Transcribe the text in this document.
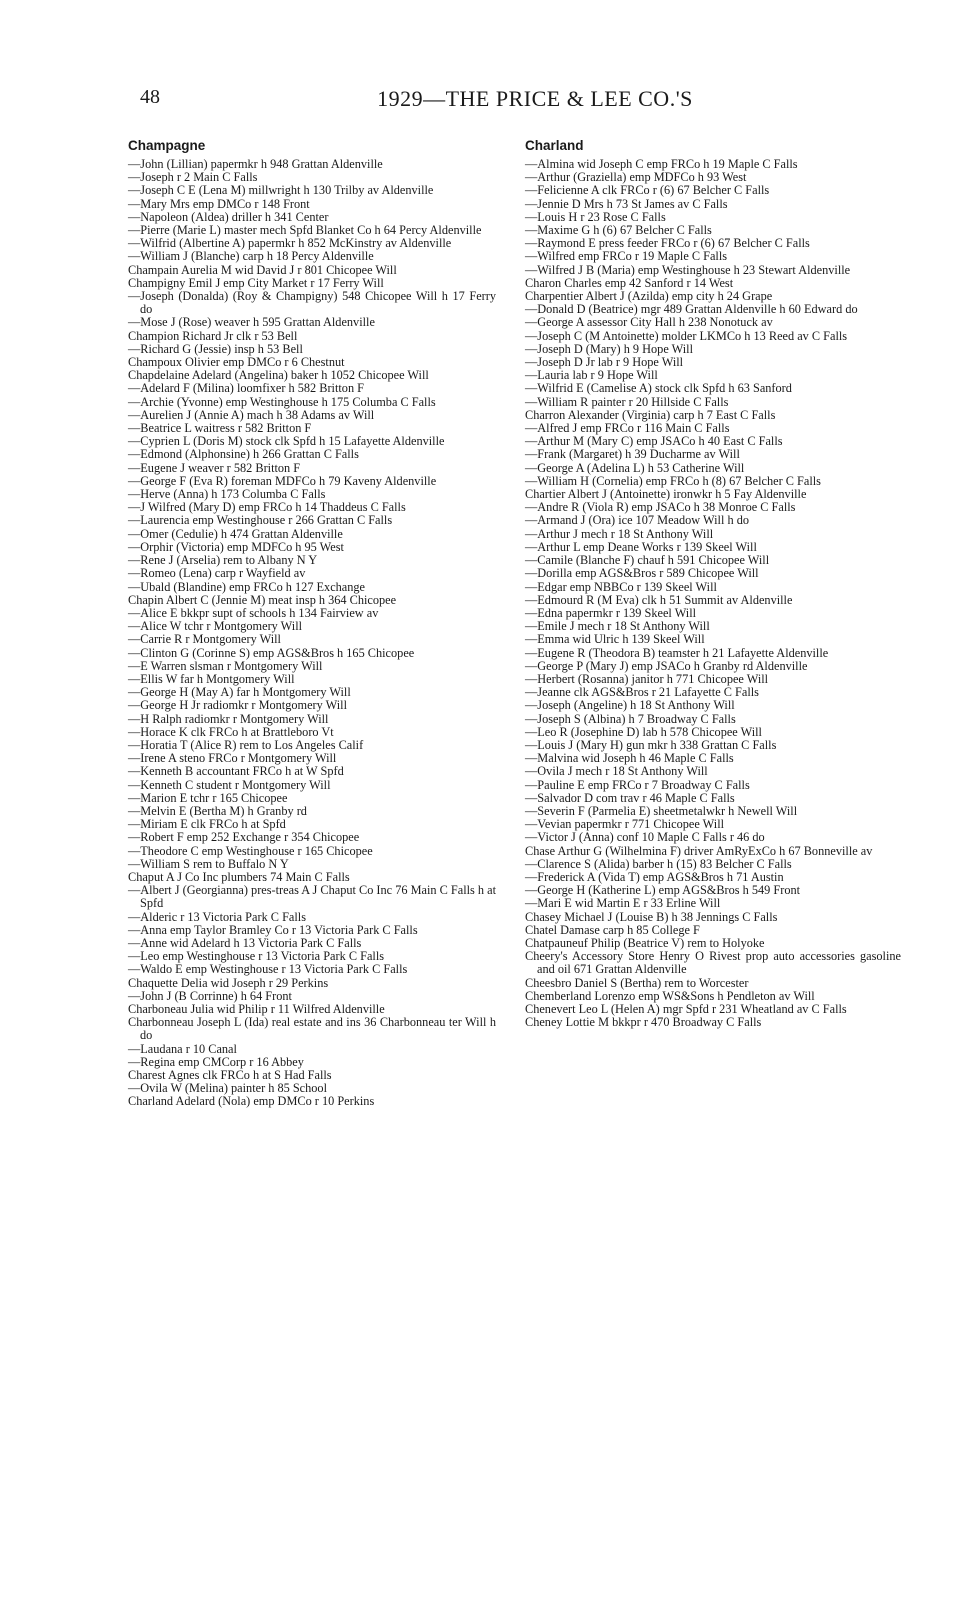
48	1929—THE PRICE & LEE CO.'S
Champagne
—John (Lillian) papermkr h 948 Grattan Aldenville
—Joseph r 2 Main C Falls
—Joseph C E (Lena M) millwright h 130 Trilby av Aldenville
—Mary Mrs emp DMCo r 148 Front
—Napoleon (Aldea) driller h 341 Center
—Pierre (Marie L) master mech Spfd Blanket Co h 64 Percy Aldenville
—Wilfrid (Albertine A) papermkr h 852 McKinstry av Aldenville
—William J (Blanche) carp h 18 Percy Aldenville
Champain Aurelia M wid David J r 801 Chicopee Will
Champigny Emil J emp City Market r 17 Ferry Will
—Joseph (Donalda) (Roy & Champigny) 548 Chicopee Will h 17 Ferry do
—Mose J (Rose) weaver h 595 Grattan Aldenville
Champion Richard Jr clk r 53 Bell
—Richard G (Jessie) insp h 53 Bell
Champoux Olivier emp DMCo r 6 Chestnut
Chapdelaine Adelard (Angelina) baker h 1052 Chicopee Will
—Adelard F (Milina) loomfixer h 582 Britton F
—Archie (Yvonne) emp Westinghouse h 175 Columba C Falls
—Aurelien J (Annie A) mach h 38 Adams av Will
—Beatrice L waitress r 582 Britton F
—Cyprien L (Doris M) stock clk Spfd h 15 Lafayette Aldenville
—Edmond (Alphonsine) h 266 Grattan C Falls
—Eugene J weaver r 582 Britton F
—George F (Eva R) foreman MDFCo h 79 Kaveny Aldenville
—Herve (Anna) h 173 Columba C Falls
—J Wilfred (Mary D) emp FRCo h 14 Thaddeus C Falls
—Laurencia emp Westinghouse r 266 Grattan C Falls
—Omer (Cedulie) h 474 Grattan Aldenville
—Orphir (Victoria) emp MDFCo h 95 West
—Rene J (Arselia) rem to Albany N Y
—Romeo (Lena) carp r Wayfield av
—Ubald (Blandine) emp FRCo h 127 Exchange
Chapin Albert C (Jennie M) meat insp h 364 Chicopee
—Alice E bkkpr supt of schools h 134 Fairview av
—Alice W tchr r Montgomery Will
—Carrie R r Montgomery Will
—Clinton G (Corinne S) emp AGS&Bros h 165 Chicopee
—E Warren slsman r Montgomery Will
—Ellis W far h Montgomery Will
—George H (May A) far h Montgomery Will
—George H Jr radiomkr r Montgomery Will
—H Ralph radiomkr r Montgomery Will
—Horace K clk FRCo h at Brattleboro Vt
—Horatia T (Alice R) rem to Los Angeles Calif
—Irene A steno FRCo r Montgomery Will
—Kenneth B accountant FRCo h at W Spfd
—Kenneth C student r Montgomery Will
—Marion E tchr r 165 Chicopee
—Melvin E (Bertha M) h Granby rd
—Miriam E clk FRCo h at Spfd
—Robert F emp 252 Exchange r 354 Chicopee
—Theodore C emp Westinghouse r 165 Chicopee
—William S rem to Buffalo N Y
Chaput A J Co Inc plumbers 74 Main C Falls
—Albert J (Georgianna) pres-treas A J Chaput Co Inc 76 Main C Falls h at Spfd
—Alderic r 13 Victoria Park C Falls
—Anna emp Taylor Bramley Co r 13 Victoria Park C Falls
—Anne wid Adelard h 13 Victoria Park C Falls
—Leo emp Westinghouse r 13 Victoria Park C Falls
—Waldo E emp Westinghouse r 13 Victoria Park C Falls
Chaquette Delia wid Joseph r 29 Perkins
—John J (B Corrinne) h 64 Front
Charboneau Julia wid Philip r 11 Wilfred Aldenville
Charbonneau Joseph L (Ida) real estate and ins 36 Charbonneau ter Will h do
—Laudana r 10 Canal
—Regina emp CMCorp r 16 Abbey
Charest Agnes clk FRCo h at S Had Falls
—Ovila W (Melina) painter h 85 School
Charland Adelard (Nola) emp DMCo r 10 Perkins
Charland
—Almina wid Joseph C emp FRCo h 19 Maple C Falls
—Arthur (Graziella) emp MDFCo h 93 West
—Felicienne A clk FRCo r (6) 67 Belcher C Falls
—Jennie D Mrs h 73 St James av C Falls
—Louis H r 23 Rose C Falls
—Maxime G h (6) 67 Belcher C Falls
—Raymond E press feeder FRCo r (6) 67 Belcher C Falls
—Wilfred emp FRCo r 19 Maple C Falls
—Wilfred J B (Maria) emp Westinghouse h 23 Stewart Aldenville
Charon Charles emp 42 Sanford r 14 West
Charpentier Albert J (Azilda) emp city h 24 Grape
—Donald D (Beatrice) mgr 489 Grattan Aldenville h 60 Edward do
—George A assessor City Hall h 238 Nonotuck av
—Joseph C (M Antoinette) molder LKMCo h 13 Reed av C Falls
—Joseph D (Mary) h 9 Hope Will
—Joseph D Jr lab r 9 Hope Will
—Lauria lab r 9 Hope Will
—Wilfrid E (Camelise A) stock clk Spfd h 63 Sanford
—William R painter r 20 Hillside C Falls
Charron Alexander (Virginia) carp h 7 East C Falls
—Alfred J emp FRCo r 116 Main C Falls
—Arthur M (Mary C) emp JSACo h 40 East C Falls
—Frank (Margaret) h 39 Ducharme av Will
—George A (Adelina L) h 53 Catherine Will
—William H (Cornelia) emp FRCo h (8) 67 Belcher C Falls
Chartier Albert J (Antoinette) ironwkr h 5 Fay Aldenville
—Andre R (Viola R) emp JSACo h 38 Monroe C Falls
—Armand J (Ora) ice 107 Meadow Will h do
—Arthur J mech r 18 St Anthony Will
—Arthur L emp Deane Works r 139 Skeel Will
—Camile (Blanche F) chauf h 591 Chicopee Will
—Dorilla emp AGS&Bros r 589 Chicopee Will
—Edgar emp NBBCo r 139 Skeel Will
—Edmourd R (M Eva) clk h 51 Summit av Aldenville
—Edna papermkr r 139 Skeel Will
—Emile J mech r 18 St Anthony Will
—Emma wid Ulric h 139 Skeel Will
—Eugene R (Theodora B) teamster h 21 Lafayette Aldenville
—George P (Mary J) emp JSACo h Granby rd Aldenville
—Herbert (Rosanna) janitor h 771 Chicopee Will
—Jeanne clk AGS&Bros r 21 Lafayette C Falls
—Joseph (Angeline) h 18 St Anthony Will
—Joseph S (Albina) h 7 Broadway C Falls
—Leo R (Josephine D) lab h 578 Chicopee Will
—Louis J (Mary H) gun mkr h 338 Grattan C Falls
—Malvina wid Joseph h 46 Maple C Falls
—Ovila J mech r 18 St Anthony Will
—Pauline E emp FRCo r 7 Broadway C Falls
—Salvador D com trav r 46 Maple C Falls
—Severin F (Parmelia E) sheetmetalwkr h Newell Will
—Vevian papermkr r 771 Chicopee Will
—Victor J (Anna) conf 10 Maple C Falls r 46 do
Chase Arthur G (Wilhelmina F) driver AmRyExCo h 67 Bonneville av
—Clarence S (Alida) barber h (15) 83 Belcher C Falls
—Frederick A (Vida T) emp AGS&Bros h 71 Austin
—George H (Katherine L) emp AGS&Bros h 549 Front
—Mari E wid Martin E r 33 Erline Will
Chasey Michael J (Louise B) h 38 Jennings C Falls
Chatel Damase carp h 85 College F
Chatpauneuf Philip (Beatrice V) rem to Holyoke
Cheery's Accessory Store Henry O Rivest prop auto accessories gasoline and oil 671 Grattan Aldenville
Cheesbro Daniel S (Bertha) rem to Worcester
Chemberland Lorenzo emp WS&Sons h Pendleton av Will
Chenevert Leo L (Helen A) mgr Spfd r 231 Wheatland av C Falls
Cheney Lottie M bkkpr r 470 Broadway C Falls
